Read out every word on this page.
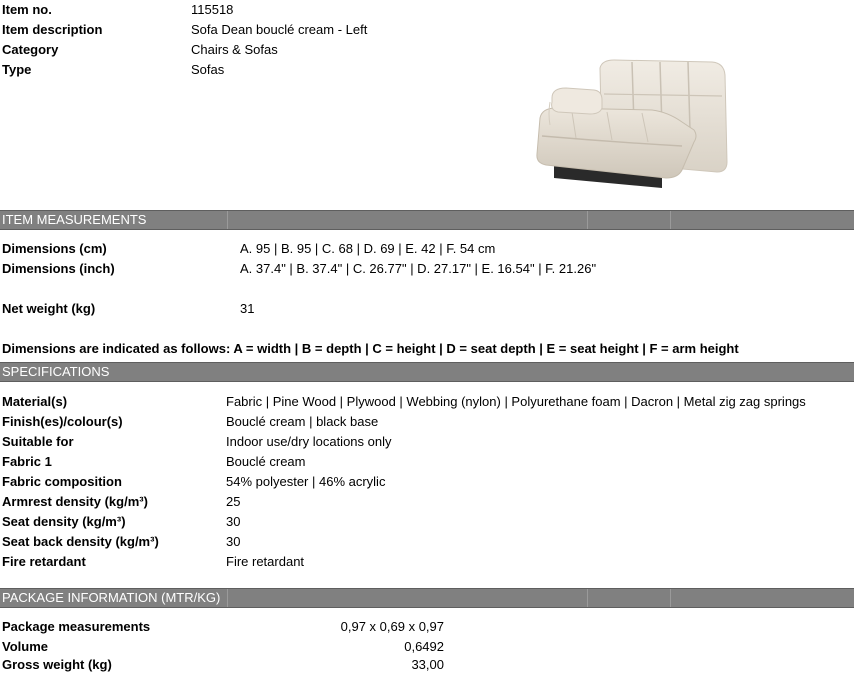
Item no.	115518
Item description	Sofa Dean bouclé cream - Left
Category	Chairs & Sofas
Type	Sofas
ITEM MEASUREMENTS
Dimensions (cm)	A. 95 | B. 95 | C. 68 | D. 69 | E. 42 | F. 54 cm
Dimensions (inch)	A. 37.4" | B. 37.4" | C. 26.77" | D. 27.17" | E. 16.54" | F. 21.26"
Net weight (kg)	31
Dimensions are indicated as follows: A = width | B = depth | C = height | D = seat depth | E = seat height | F = arm height
SPECIFICATIONS
Material(s)	Fabric | Pine Wood | Plywood | Webbing (nylon) | Polyurethane foam | Dacron | Metal zig zag springs
Finish(es)/colour(s)	Bouclé cream | black base
Suitable for	Indoor use/dry locations only
Fabric 1	Bouclé cream
Fabric composition	54% polyester | 46% acrylic
Armrest density (kg/m³)	25
Seat density (kg/m³)	30
Seat back density (kg/m³)	30
Fire retardant	Fire retardant
PACKAGE INFORMATION (MTR/KG)
Package measurements	0,97 x 0,69 x 0,97
Volume	0,6492
Gross weight (kg)	33,00
